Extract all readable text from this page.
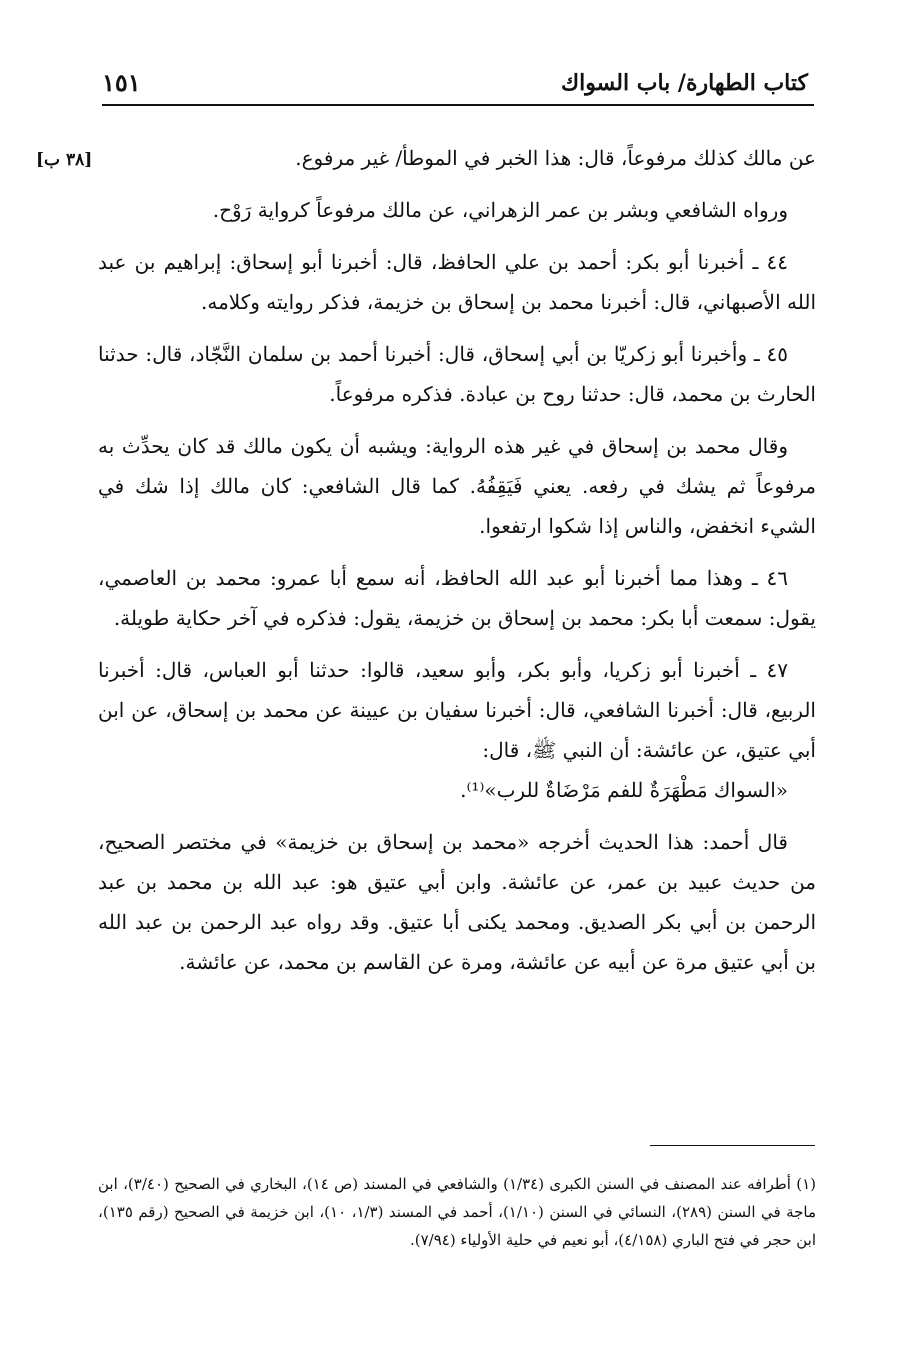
كتاب الطهارة/ باب السواك
١٥١
[٣٨ ب]	عن مالك كذلك مرفوعاً، قال: هذا الخبر في الموطأ/ غير مرفوع.

ورواه الشافعي وبشر بن عمر الزهراني، عن مالك مرفوعاً كرواية رَوْح.

٤٤ ـ أخبرنا أبو بكر: أحمد بن علي الحافظ، قال: أخبرنا أبو إسحاق: إبراهيم بن عبد الله الأصبهاني، قال: أخبرنا محمد بن إسحاق بن خزيمة، فذكر روايته وكلامه.

٤٥ ـ وأخبرنا أبو زكريّا بن أبي إسحاق، قال: أخبرنا أحمد بن سلمان النَّجّاد، قال: حدثنا الحارث بن محمد، قال: حدثنا روح بن عبادة. فذكره مرفوعاً.

وقال محمد بن إسحاق في غير هذه الرواية: ويشبه أن يكون مالك قد كان يحدِّث به مرفوعاً ثم يشك في رفعه. يعني فَيَقِفُهُ. كما قال الشافعي: كان مالك إذا شك في الشيء انخفض، والناس إذا شكوا ارتفعوا.

٤٦ ـ وهذا مما أخبرنا أبو عبد الله الحافظ، أنه سمع أبا عمرو: محمد بن العاصمي، يقول: سمعت أبا بكر: محمد بن إسحاق بن خزيمة، يقول: فذكره في آخر حكاية طويلة.

٤٧ ـ أخبرنا أبو زكريا، وأبو بكر، وأبو سعيد، قالوا: حدثنا أبو العباس، قال: أخبرنا الربيع، قال: أخبرنا الشافعي، قال: أخبرنا سفيان بن عيينة عن محمد بن إسحاق، عن ابن أبي عتيق، عن عائشة: أن النبي ﷺ، قال:

«السواك مَطْهَرَةٌ للفم مَرْضَاةٌ للرب»⁽¹⁾.

قال أحمد: هذا الحديث أخرجه «محمد بن إسحاق بن خزيمة» في مختصر الصحيح، من حديث عبيد بن عمر، عن عائشة. وابن أبي عتيق هو: عبد الله بن محمد بن عبد الرحمن بن أبي بكر الصديق. ومحمد يكنى أبا عتيق. وقد رواه عبد الرحمن بن عبد الله بن أبي عتيق مرة عن أبيه عن عائشة، ومرة عن القاسم بن محمد، عن عائشة.

(١) أطرافه عند المصنف في السنن الكبرى (١/٣٤) والشافعي في المسند (ص ١٤)، البخاري في الصحيح (٣/٤٠)، ابن ماجة في السنن (٢٨٩)، النسائي في السنن (١/١٠)، أحمد في المسند (١/٣، ١٠)، ابن خزيمة في الصحيح (رقم ١٣٥)، ابن حجر في فتح الباري (٤/١٥٨)، أبو نعيم في حلية الأولياء (٧/٩٤).
